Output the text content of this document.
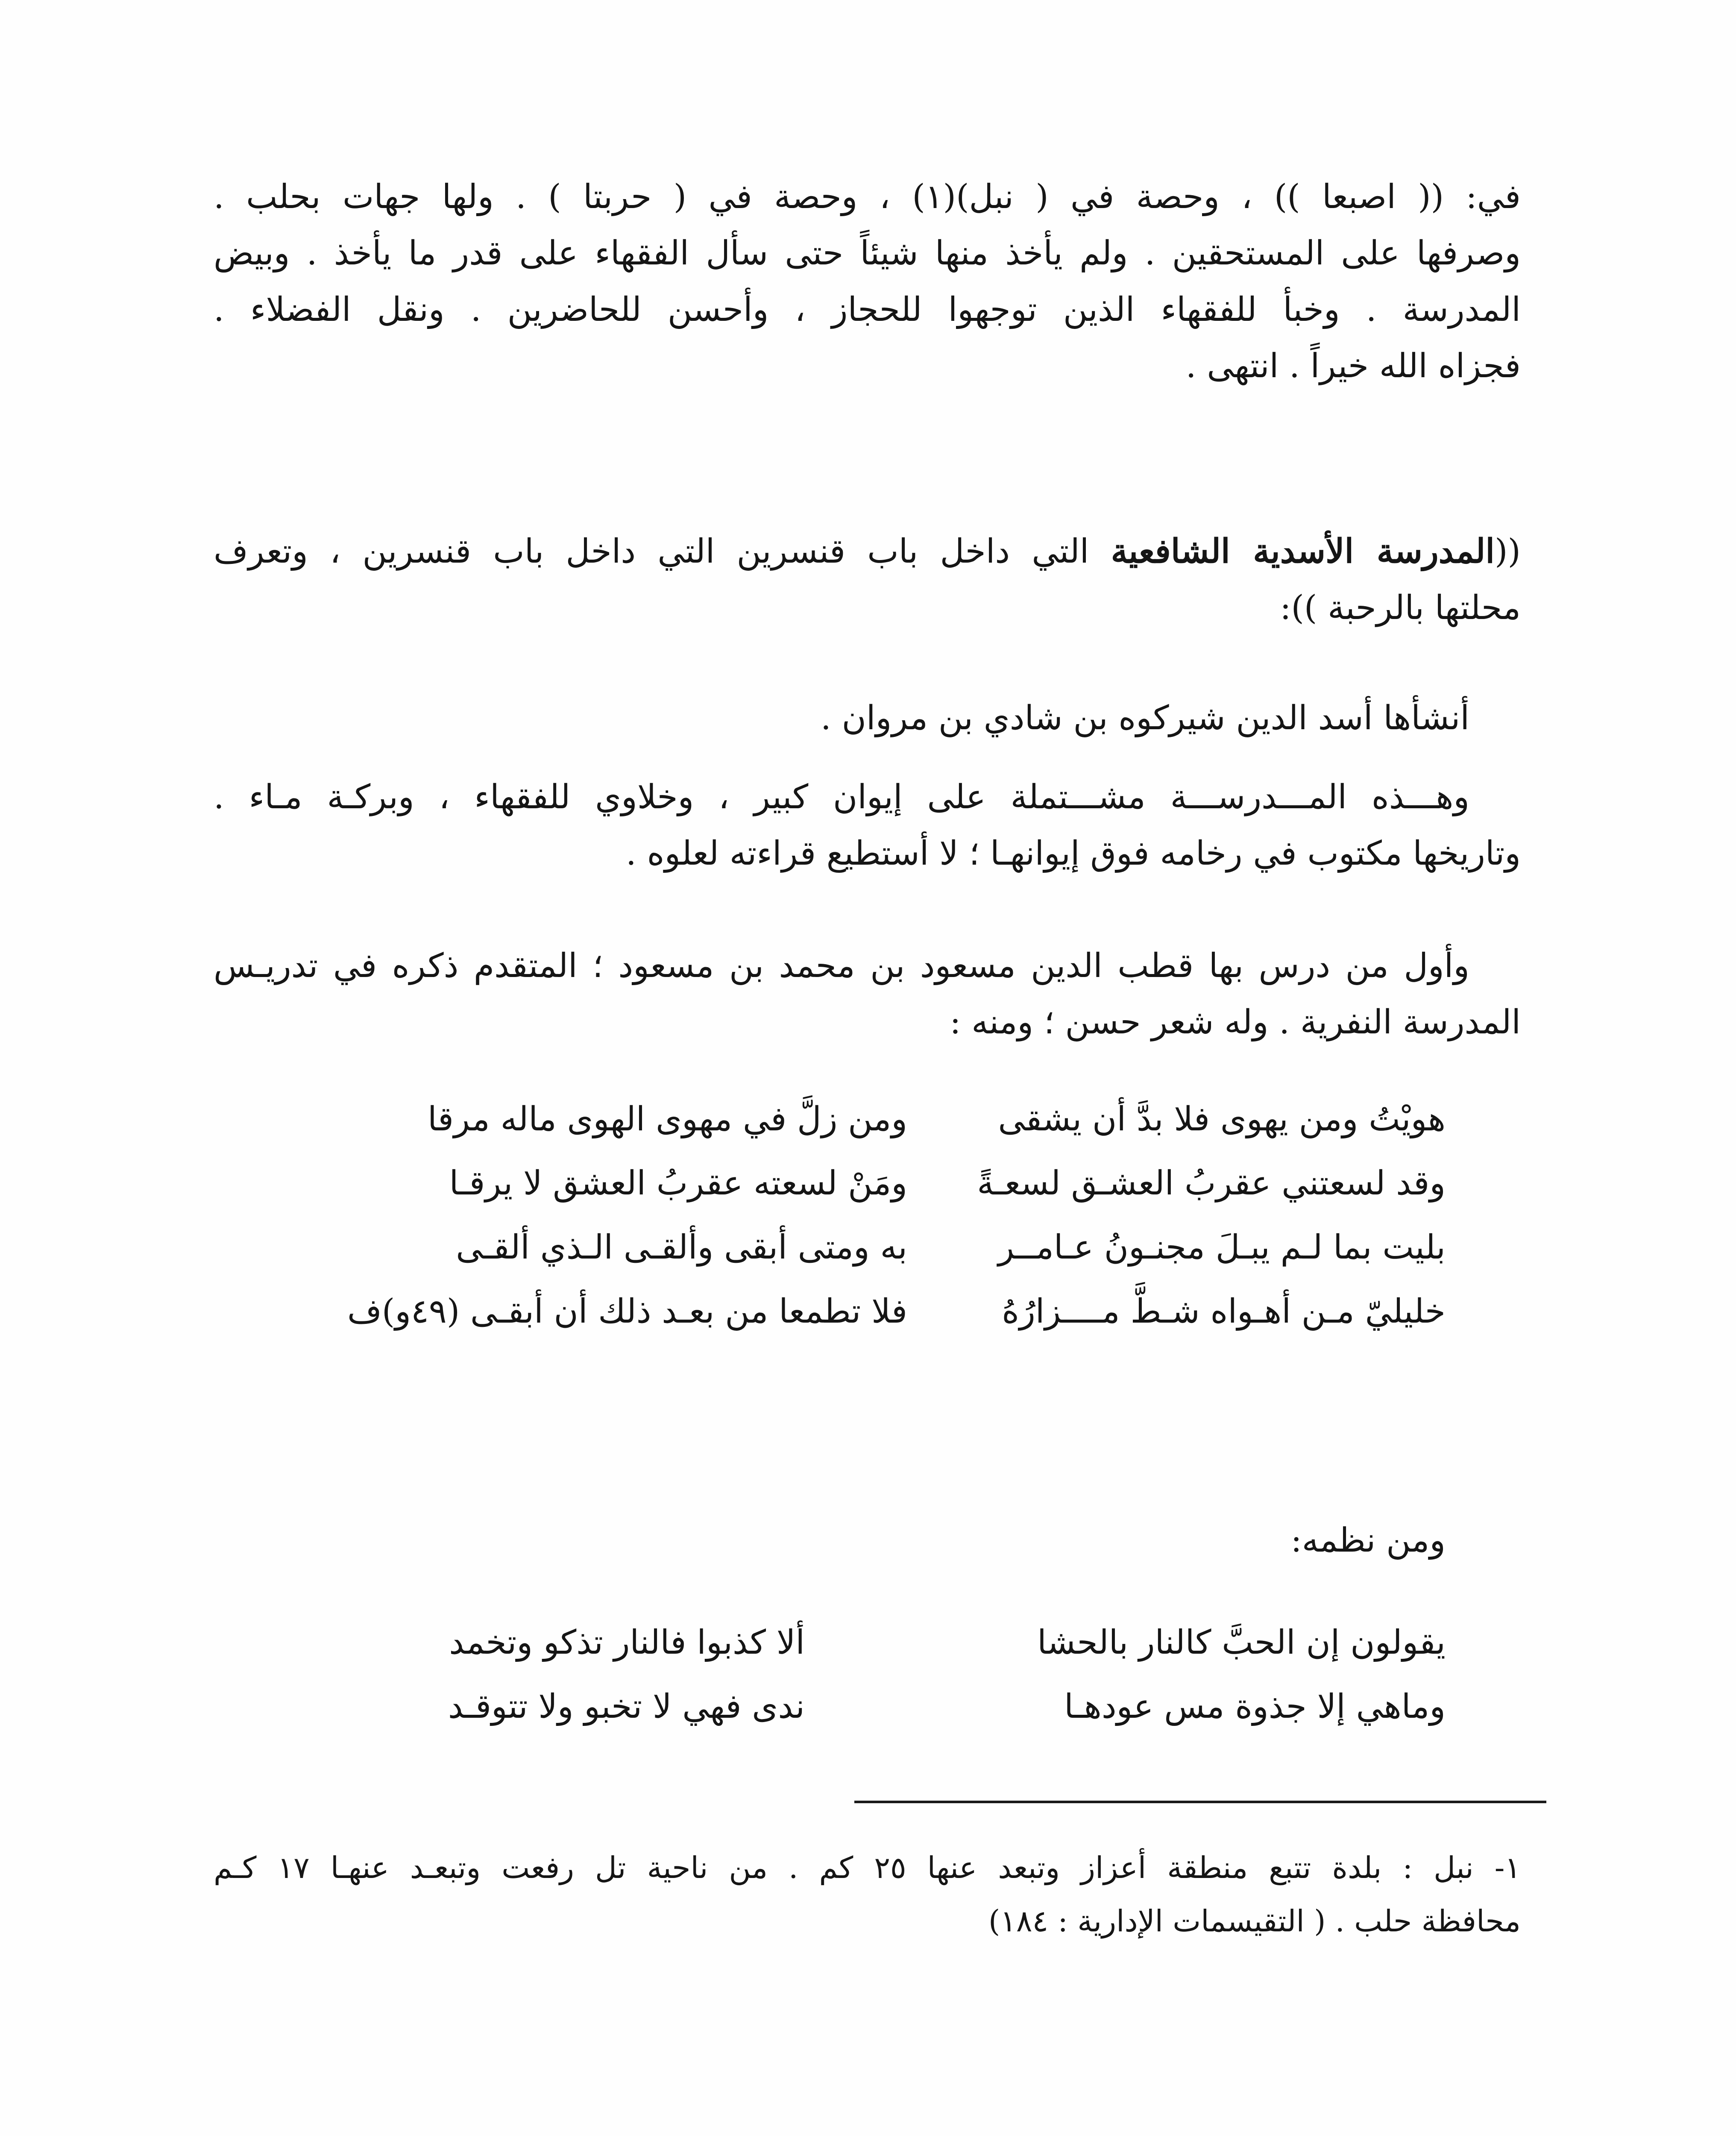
في: (( اصبعا )) ، وحصة في ( نبل)(١) ، وحصة في ( حربتا ) . ولها جهات بحلب .
وصرفها على المستحقين . ولم يأخذ منها شيئاً حتى سأل الفقهاء على قدر ما يأخذ . وبيض
المدرسة . وخبأ للفقهاء الذين توجهوا للحجاز ، وأحسن للحاضرين . ونقل الفضلاء .
فجزاه الله خيراً . انتهى .
((المدرسة الأسدية الشافعية التي داخل باب قنسرين التي داخل باب قنسرين ، وتعرف
محلتها بالرحبة )):
أنشأها أسد الدين شيركوه بن شادي بن مروان .
وهـــذه المـــدرســـة مشـــتملة على إيوان كبير ، وخلاوي للفقهاء ، وبركـة مـاء .
وتاريخها مكتوب في رخامه فوق إيوانهـا ؛ لا أستطيع قراءته لعلوه .
وأول من درس بها قطب الدين مسعود بن محمد بن مسعود ؛ المتقدم ذكره في تدريـس
المدرسة النفرية . وله شعر حسن ؛ ومنه :
هويْتُ ومن يهوى فلا بدَّ أن يشقى
ومن زلَّ في مهوى الهوى ماله مرقا
وقد لسعتني عقربُ العشـق لسعـةً
ومَنْ لسعته عقربُ العشق لا يرقـا
بليت بما لـم يبـلَ مجنـونُ عـامــر
به ومتى أبقى وألقـى الـذي ألقـى
خليليّ مـن أهـواه شـطَّ مــــزارُهُ
فلا تطمعا من بعـد ذلك أن أبقـى (٤٩و)ف
ومن نظمه:
يقولون إن الحبَّ كالنار بالحشا
ألا كذبوا فالنار تذكو وتخمد
وماهي إلا جذوة مس عودهـا
ندى فهي لا تخبو ولا تتوقـد
١- نبل : بلدة تتبع منطقة أعزاز وتبعد عنها ٢٥ كم . من ناحية تل رفعت وتبعـد عنهـا ١٧ كـم
محافظة حلب . ( التقيسمات الإدارية : ١٨٤)
